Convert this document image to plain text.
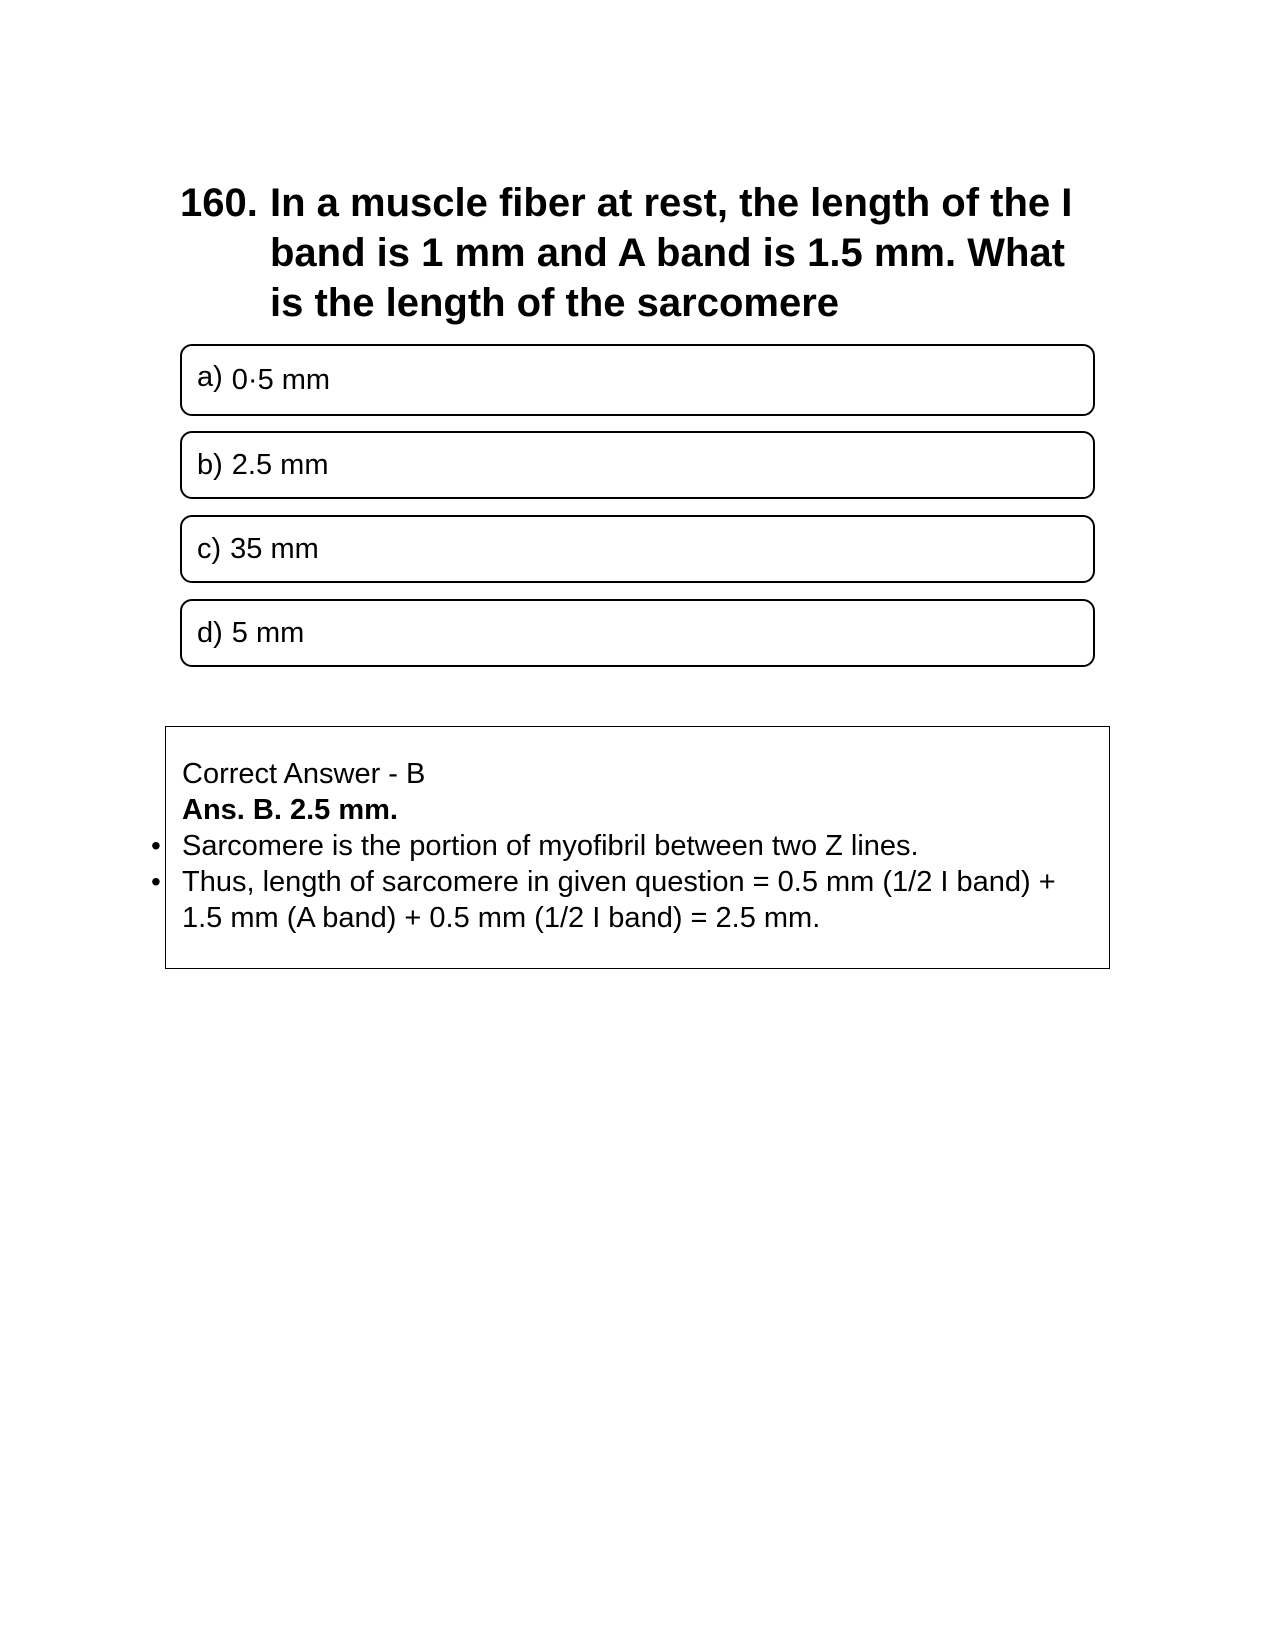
160. In a muscle fiber at rest, the length of the I band is 1 mm and A band is 1.5 mm. What is the length of the sarcomere
a) 0·5 mm
b) 2.5 mm
c) 35 mm
d) 5 mm
Correct Answer - B
Ans. B. 2.5 mm.
• Sarcomere is the portion of myofibril between two Z lines.
• Thus, length of sarcomere in given question = 0.5 mm (1/2 I band) + 1.5 mm (A band) + 0.5 mm (1/2 I band) = 2.5 mm.
